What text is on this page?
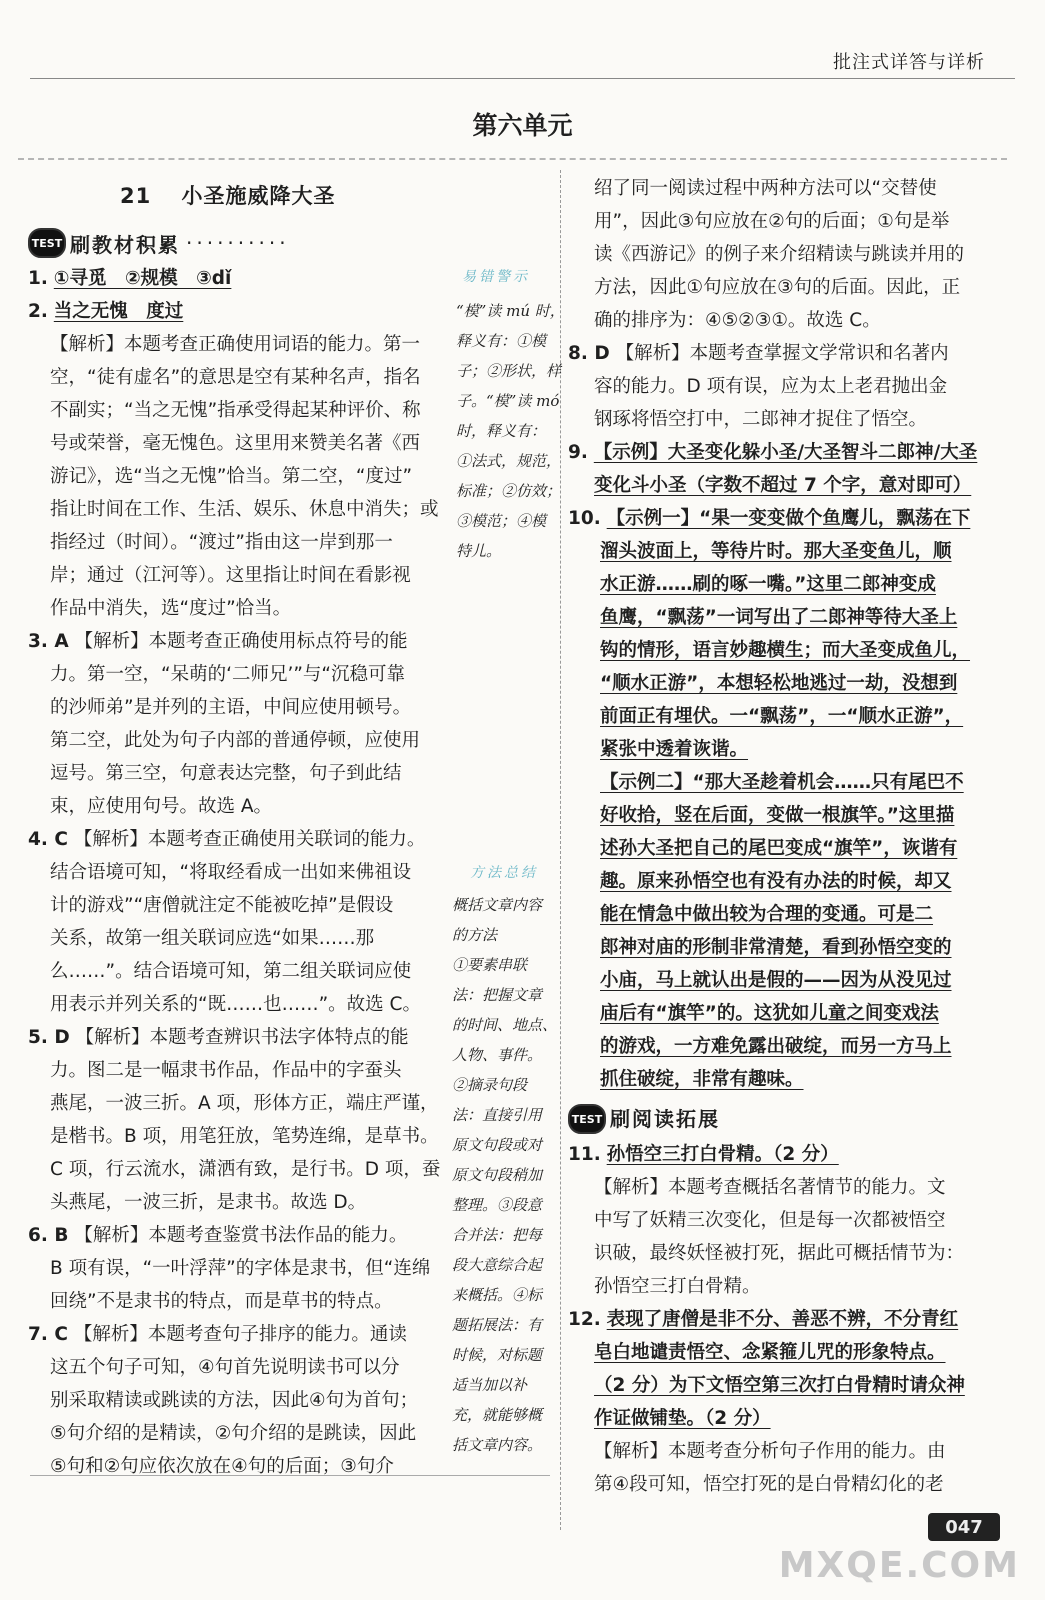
批注式详答与详析
第六单元
21 小圣施威降大圣
TEST 刷教材积累 ··········
1. ①寻觅　②规模　③dǐ
2. 当之无愧　度过
【解析】本题考查正确使用词语的能力。第一
空，“徒有虚名”的意思是空有某种名声，指名
不副实；“当之无愧”指承受得起某种评价、称
号或荣誉，毫无愧色。这里用来赞美名著《西
游记》，选“当之无愧”恰当。第二空，“度过”
指让时间在工作、生活、娱乐、休息中消失；或
指经过（时间）。“渡过”指由这一岸到那一
岸；通过（江河等）。这里指让时间在看影视
作品中消失，选“度过”恰当。
3. A 【解析】本题考查正确使用标点符号的能
力。第一空，“呆萌的‘二师兄’”与“沉稳可靠
的沙师弟”是并列的主语，中间应使用顿号。
第二空，此处为句子内部的普通停顿，应使用
逗号。第三空，句意表达完整，句子到此结
束，应使用句号。故选 A。
4. C 【解析】本题考查正确使用关联词的能力。
结合语境可知，“将取经看成一出如来佛祖设
计的游戏”“唐僧就注定不能被吃掉”是假设
关系，故第一组关联词应选“如果……那
么……”。结合语境可知，第二组关联词应使
用表示并列关系的“既……也……”。故选 C。
5. D 【解析】本题考查辨识书法字体特点的能
力。图二是一幅隶书作品，作品中的字蚕头
燕尾，一波三折。A 项，形体方正，端庄严谨，
是楷书。B 项，用笔狂放，笔势连绵，是草书。
C 项，行云流水，潇洒有致，是行书。D 项，蚕
头燕尾，一波三折，是隶书。故选 D。
6. B 【解析】本题考查鉴赏书法作品的能力。
B 项有误，“一叶浮萍”的字体是隶书，但“连绵
回绕”不是隶书的特点，而是草书的特点。
7. C 【解析】本题考查句子排序的能力。通读
这五个句子可知，④句首先说明读书可以分
别采取精读或跳读的方法，因此④句为首句；
⑤句介绍的是精读，②句介绍的是跳读，因此
⑤句和②句应依次放在④句的后面；③句介
易错警示
“模”读 mú 时，
释义有：①模
子；②形状，样
子。“模”读 mó
时，释义有：
①法式，规范，
标准；②仿效；
③模范；④模
特儿。
方法总结
概括文章内容
的方法
①要素串联
法：把握文章
的时间、地点、
人物、事件。
②摘录句段
法：直接引用
原文句段或对
原文句段稍加
整理。③段意
合并法：把每
段大意综合起
来概括。④标
题拓展法：有
时候，对标题
适当加以补
充，就能够概
括文章内容。
绍了同一阅读过程中两种方法可以“交替使
用”，因此③句应放在②句的后面；①句是举
读《西游记》的例子来介绍精读与跳读并用的
方法，因此①句应放在③句的后面。因此，正
确的排序为：④⑤②③①。故选 C。
8. D 【解析】本题考查掌握文学常识和名著内
容的能力。D 项有误，应为太上老君抛出金
钢琢将悟空打中，二郎神才捉住了悟空。
9. 【示例】大圣变化躲小圣/大圣智斗二郎神/大圣
变化斗小圣（字数不超过 7 个字，意对即可）
10. 【示例一】“果一变变做个鱼鹰儿，飘荡在下
溜头波面上，等待片时。那大圣变鱼儿，顺
水正游……刷的啄一嘴。”这里二郎神变成
鱼鹰，“飘荡”一词写出了二郎神等待大圣上
钩的情形，语言妙趣横生；而大圣变成鱼儿，
“顺水正游”，本想轻松地逃过一劫，没想到
前面正有埋伏。一“飘荡”，一“顺水正游”，
紧张中透着诙谐。
【示例二】“那大圣趁着机会……只有尾巴不
好收拾，竖在后面，变做一根旗竿。”这里描
述孙大圣把自己的尾巴变成“旗竿”，诙谐有
趣。原来孙悟空也有没有办法的时候，却又
能在情急中做出较为合理的变通。可是二
郎神对庙的形制非常清楚，看到孙悟空变的
小庙，马上就认出是假的——因为从没见过
庙后有“旗竿”的。这犹如儿童之间变戏法
的游戏，一方难免露出破绽，而另一方马上
抓住破绽，非常有趣味。
TEST 刷阅读拓展
11. 孙悟空三打白骨精。（2 分）
【解析】本题考查概括名著情节的能力。文
中写了妖精三次变化，但是每一次都被悟空
识破，最终妖怪被打死，据此可概括情节为：
孙悟空三打白骨精。
12. 表现了唐僧是非不分、善恶不辨，不分青红
皂白地谴责悟空、念紧箍儿咒的形象特点。
（2 分）为下文悟空第三次打白骨精时请众神
作证做铺垫。（2 分）
【解析】本题考查分析句子作用的能力。由
第④段可知，悟空打死的是白骨精幻化的老
047
MXQE.COM
